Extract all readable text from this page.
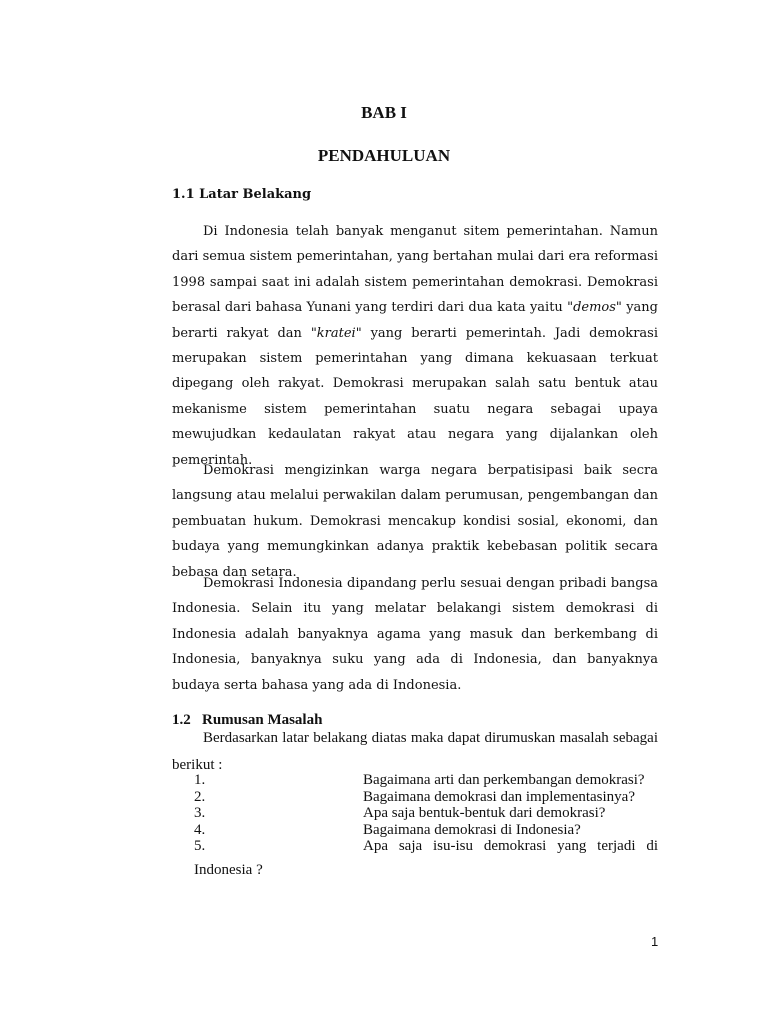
BAB I
PENDAHULUAN
1.1 Latar Belakang

Di Indonesia telah banyak menganut sitem pemerintahan. Namun dari semua sistem pemerintahan, yang bertahan mulai dari era reformasi 1998 sampai saat ini adalah sistem pemerintahan demokrasi. Demokrasi berasal dari bahasa Yunani yang terdiri dari dua kata yaitu "demos" yang berarti rakyat dan "kratei" yang berarti pemerintah. Jadi demokrasi merupakan sistem pemerintahan yang dimana kekuasaan terkuat dipegang oleh rakyat. Demokrasi merupakan salah satu bentuk atau mekanisme sistem pemerintahan suatu negara sebagai upaya mewujudkan kedaulatan rakyat atau negara yang dijalankan oleh pemerintah.

Demokrasi mengizinkan warga negara berpatisipasi baik secra langsung atau melalui perwakilan dalam perumusan, pengembangan dan pembuatan hukum. Demokrasi mencakup kondisi sosial, ekonomi, dan budaya yang memungkinkan adanya praktik kebebasan politik secara bebasa dan setara.

Demokrasi Indonesia dipandang perlu sesuai dengan pribadi bangsa Indonesia. Selain itu yang melatar belakangi sistem demokrasi di Indonesia adalah banyaknya agama yang masuk dan berkembang di Indonesia, banyaknya suku yang ada di Indonesia, dan banyaknya budaya serta bahasa yang ada di Indonesia.

1.2 Rumusan Masalah

Berdasarkan latar belakang diatas maka dapat dirumuskan masalah sebagai berikut :

1.	Bagaimana arti dan perkembangan demokrasi?
2.	Bagaimana demokrasi dan implementasinya?
3.	Apa saja bentuk-bentuk dari demokrasi?
4.	Bagaimana demokrasi di Indonesia?
5.	Apa saja isu-isu demokrasi yang terjadi di

Indonesia ?

1
